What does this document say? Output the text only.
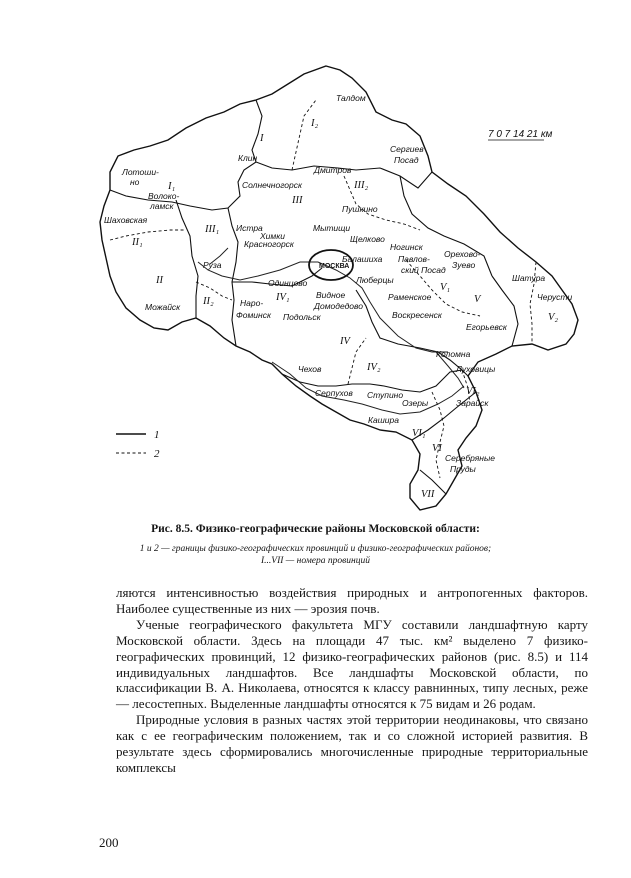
МОСКВА
7 0 7 14 21 км
Талдом
Сергиев
Посад
Лотоши-
но
Клин
Дмитров
Волоко-
ламск
Солнечногорск
Пушкино
Шаховская
Истра	Мытищи
Химки	Щелково
Красногорск	Ногинск
Балашиха Павлов- Орехово-
Зуево
ский Посад
Руза
Шатура
Одинцово	Люберцы
Видное	Раменское	Черусти
Можайск	Наро-	Домодедово
Фоминск Подольск	Воскресенск
Егорьевск
Коломна
Чехов	Луховицы
Серпухов Ступино
Озеры	Зарайск
Кашира
Серебряные
Пруды
I
I₂
I₁
III
III₂
III₁
II₁
II
II₂	IV₁
V₁
V
V₂
IV
IV₂
VI₂
VI₁
VI
VII
1
2
Рис. 8.5. Физико-географические районы Московской области:
1 и 2 — границы физико-географических провинций и физико-географических районов;
I...VII — номера провинций

ляются интенсивностью воздействия природных и антропогенных факторов. Наиболее существенные из них — эрозия почв.

Ученые географического факультета МГУ составили ландшафтную карту Московской области. Здесь на площади 47 тыс. км² выделено 7 физико-географических провинций, 12 физико-географических районов (рис. 8.5) и 114 индивидуальных ландшафтов. Все ландшафты Московской области, по классификации В. А. Николаева, относятся к классу равнинных, типу лесных, реже — лесостепных. Выделенные ландшафты относятся к 75 видам и 26 родам.

Природные условия в разных частях этой территории неодинаковы, что связано как с ее географическим положением, так и со сложной историей развития. В результате здесь сформировались многочисленные природные территориальные комплексы

200
